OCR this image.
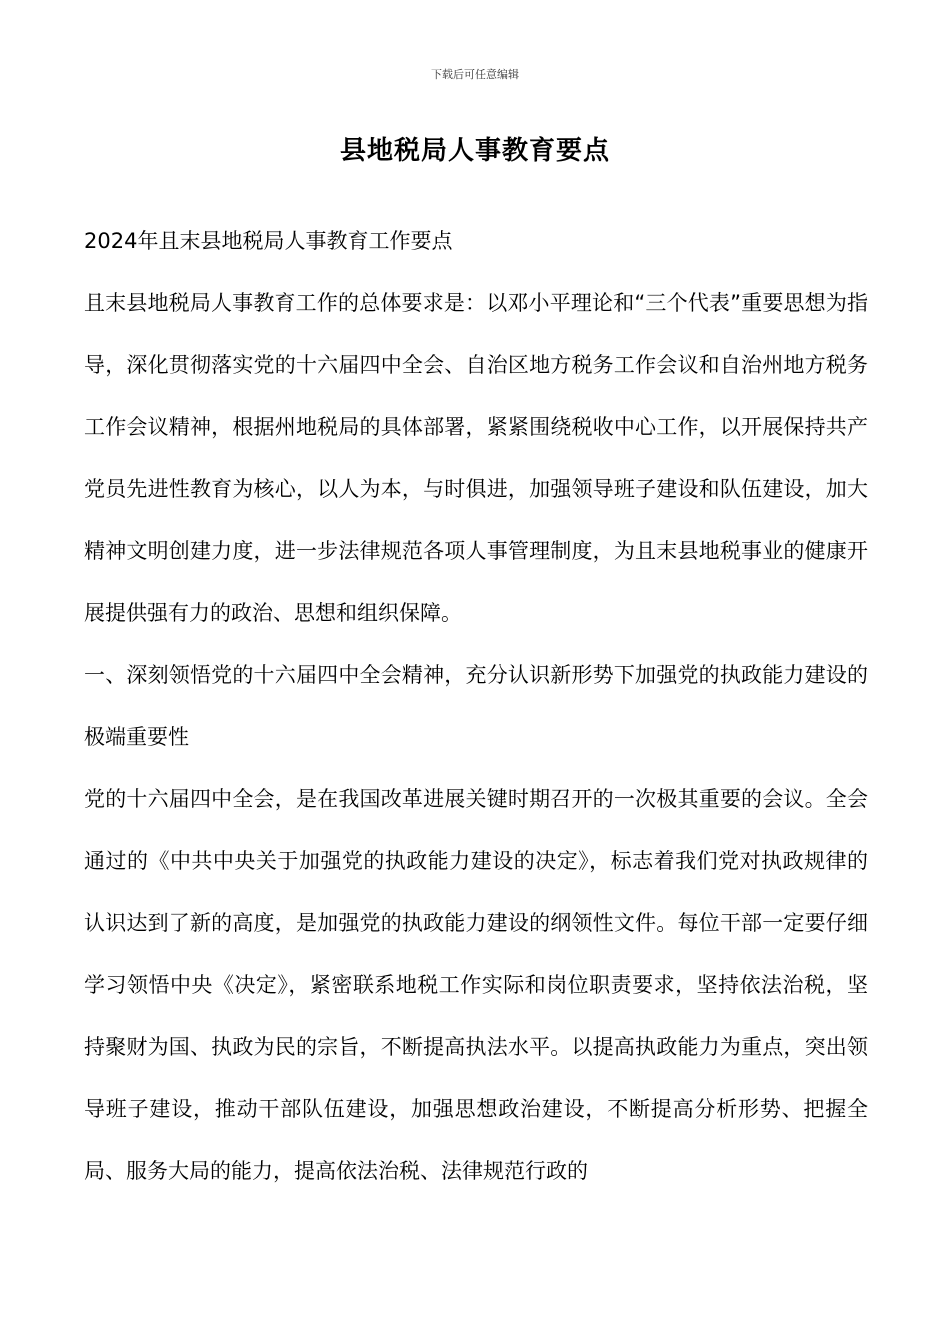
下载后可任意编辑
县地税局人事教育要点

2024年且末县地税局人事教育工作要点

且末县地税局人事教育工作的总体要求是：以邓小平理论和“三个代表”重要思想为指导，深化贯彻落实党的十六届四中全会、自治区地方税务工作会议和自治州地方税务工作会议精神，根据州地税局的具体部署，紧紧围绕税收中心工作，以开展保持共产党员先进性教育为核心，以人为本，与时俱进，加强领导班子建设和队伍建设，加大精神文明创建力度，进一步法律规范各项人事管理制度，为且末县地税事业的健康开展提供强有力的政治、思想和组织保障。

一、深刻领悟党的十六届四中全会精神，充分认识新形势下加强党的执政能力建设的极端重要性

党的十六届四中全会，是在我国改革进展关键时期召开的一次极其重要的会议。全会通过的《中共中央关于加强党的执政能力建设的决定》，标志着我们党对执政规律的认识达到了新的高度，是加强党的执政能力建设的纲领性文件。每位干部一定要仔细学习领悟中央《决定》，紧密联系地税工作实际和岗位职责要求，坚持依法治税，坚持聚财为国、执政为民的宗旨，不断提高执法水平。以提高执政能力为重点，突出领导班子建设，推动干部队伍建设，加强思想政治建设，不断提高分析形势、把握全局、服务大局的能力，提高依法治税、法律规范行政的
